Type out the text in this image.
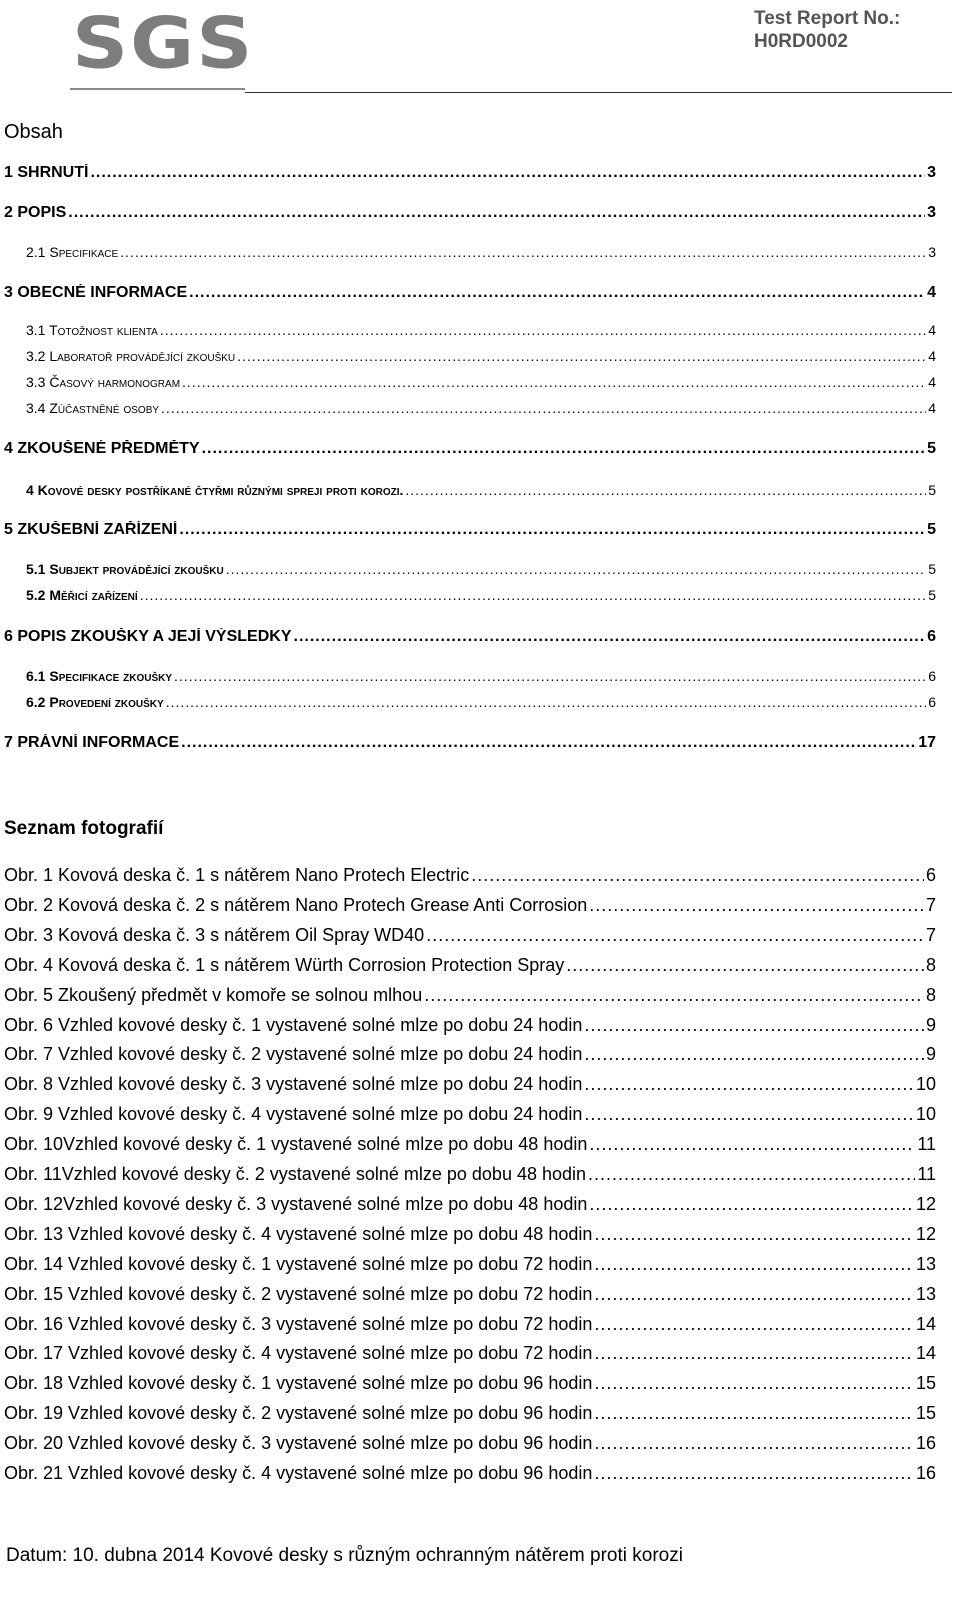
SGS	Test Report No.:
H0RD0002
Obsah
1 SHRNUTÍ .....	3
2 POPIS .....	3
2.1 Specifikace .....	3
3 OBECNÉ INFORMACE .....	4
3.1 Totožnost klienta .....	4
3.2 Laboratoř provádějící zkoušku .....	4
3.3 Časový harmonogram .....	4
3.4 Zúčastněné osoby .....	4
4 ZKOUŠENÉ PŘEDMĚTY .....	5
4 Kovové desky postříkané čtyřmi různými spreji proti korozi. .....	5
5 ZKUŠEBNÍ ZAŘÍZENÍ .....	5
5.1 Subjekt provádějící zkoušku .....	5
5.2 Měřicí zařízení .....	5
6 POPIS ZKOUŠKY A JEJÍ VÝSLEDKY .....	6
6.1 Specifikace zkoušky .....	6
6.2 Provedení zkoušky .....	6
7 PRÁVNÍ INFORMACE .....	17
Seznam fotografií
Obr. 1 Kovová deska č. 1 s nátěrem Nano Protech Electric .....	6
Obr. 2 Kovová deska č. 2 s nátěrem Nano Protech Grease Anti Corrosion .....	7
Obr. 3 Kovová deska č. 3 s nátěrem Oil Spray WD40 .....	7
Obr. 4 Kovová deska č. 1 s nátěrem Würth Corrosion Protection Spray .....	8
Obr. 5 Zkoušený předmět v komoře se solnou mlhou .....	8
Obr. 6 Vzhled kovové desky č. 1 vystavené solné mlze po dobu 24 hodin .....	9
Obr. 7 Vzhled kovové desky č. 2 vystavené solné mlze po dobu 24 hodin .....	9
Obr. 8 Vzhled kovové desky č. 3 vystavené solné mlze po dobu 24 hodin .....	10
Obr. 9 Vzhled kovové desky č. 4 vystavené solné mlze po dobu 24 hodin .....	10
Obr. 10Vzhled kovové desky č. 1 vystavené solné mlze po dobu 48 hodin .....	11
Obr. 11Vzhled kovové desky č. 2 vystavené solné mlze po dobu 48 hodin .....	11
Obr. 12Vzhled kovové desky č. 3 vystavené solné mlze po dobu 48 hodin .....	12
Obr. 13 Vzhled kovové desky č. 4 vystavené solné mlze po dobu 48 hodin .....	12
Obr. 14 Vzhled kovové desky č. 1 vystavené solné mlze po dobu 72 hodin .....	13
Obr. 15 Vzhled kovové desky č. 2 vystavené solné mlze po dobu 72 hodin .....	13
Obr. 16 Vzhled kovové desky č. 3 vystavené solné mlze po dobu 72 hodin .....	14
Obr. 17 Vzhled kovové desky č. 4 vystavené solné mlze po dobu 72 hodin .....	14
Obr. 18 Vzhled kovové desky č. 1 vystavené solné mlze po dobu 96 hodin .....	15
Obr. 19 Vzhled kovové desky č. 2 vystavené solné mlze po dobu 96 hodin .....	15
Obr. 20 Vzhled kovové desky č. 3 vystavené solné mlze po dobu 96 hodin .....	16
Obr. 21 Vzhled kovové desky č. 4 vystavené solné mlze po dobu 96 hodin .....	16
Datum: 10. dubna 2014 Kovové desky s různým ochranným nátěrem proti korozi
